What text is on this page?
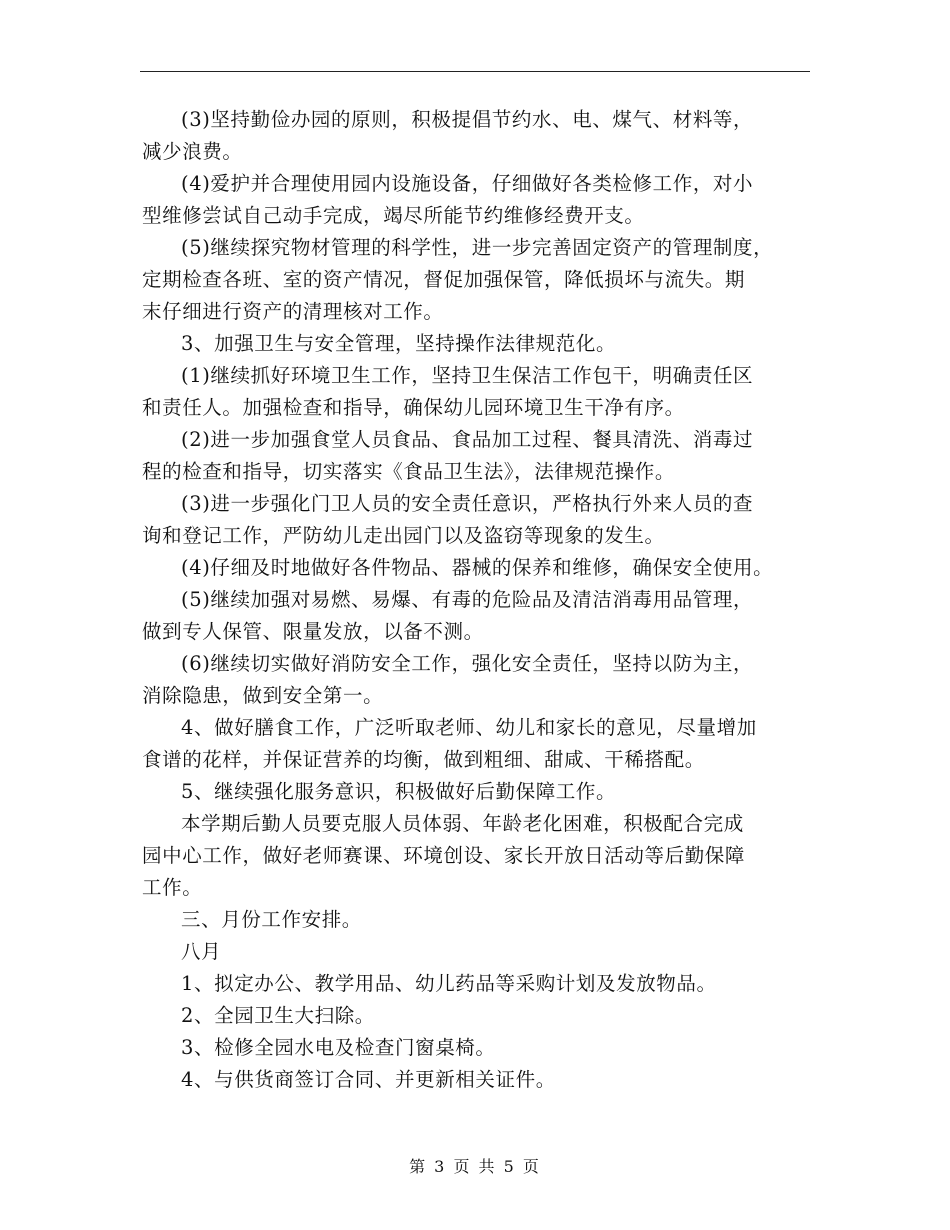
(3)坚持勤俭办园的原则，积极提倡节约水、电、煤气、材料等，
减少浪费。

(4)爱护并合理使用园内设施设备，仔细做好各类检修工作，对小
型维修尝试自己动手完成，竭尽所能节约维修经费开支。

(5)继续探究物材管理的科学性，进一步完善固定资产的管理制度，
定期检查各班、室的资产情况，督促加强保管，降低损坏与流失。期
末仔细进行资产的清理核对工作。

3、加强卫生与安全管理，坚持操作法律规范化。

(1)继续抓好环境卫生工作，坚持卫生保洁工作包干，明确责任区
和责任人。加强检查和指导，确保幼儿园环境卫生干净有序。

(2)进一步加强食堂人员食品、食品加工过程、餐具清洗、消毒过
程的检查和指导，切实落实《食品卫生法》，法律规范操作。

(3)进一步强化门卫人员的安全责任意识，严格执行外来人员的查
询和登记工作，严防幼儿走出园门以及盗窃等现象的发生。

(4)仔细及时地做好各件物品、器械的保养和维修，确保安全使用。

(5)继续加强对易燃、易爆、有毒的危险品及清洁消毒用品管理，
做到专人保管、限量发放，以备不测。

(6)继续切实做好消防安全工作，强化安全责任，坚持以防为主，
消除隐患，做到安全第一。

4、做好膳食工作，广泛听取老师、幼儿和家长的意见，尽量增加
食谱的花样，并保证营养的均衡，做到粗细、甜咸、干稀搭配。

5、继续强化服务意识，积极做好后勤保障工作。

本学期后勤人员要克服人员体弱、年龄老化困难，积极配合完成
园中心工作，做好老师赛课、环境创设、家长开放日活动等后勤保障
工作。

三、月份工作安排。

八月

1、拟定办公、教学用品、幼儿药品等采购计划及发放物品。

2、全园卫生大扫除。

3、检修全园水电及检查门窗桌椅。

4、与供货商签订合同、并更新相关证件。

第 3 页 共 5 页
